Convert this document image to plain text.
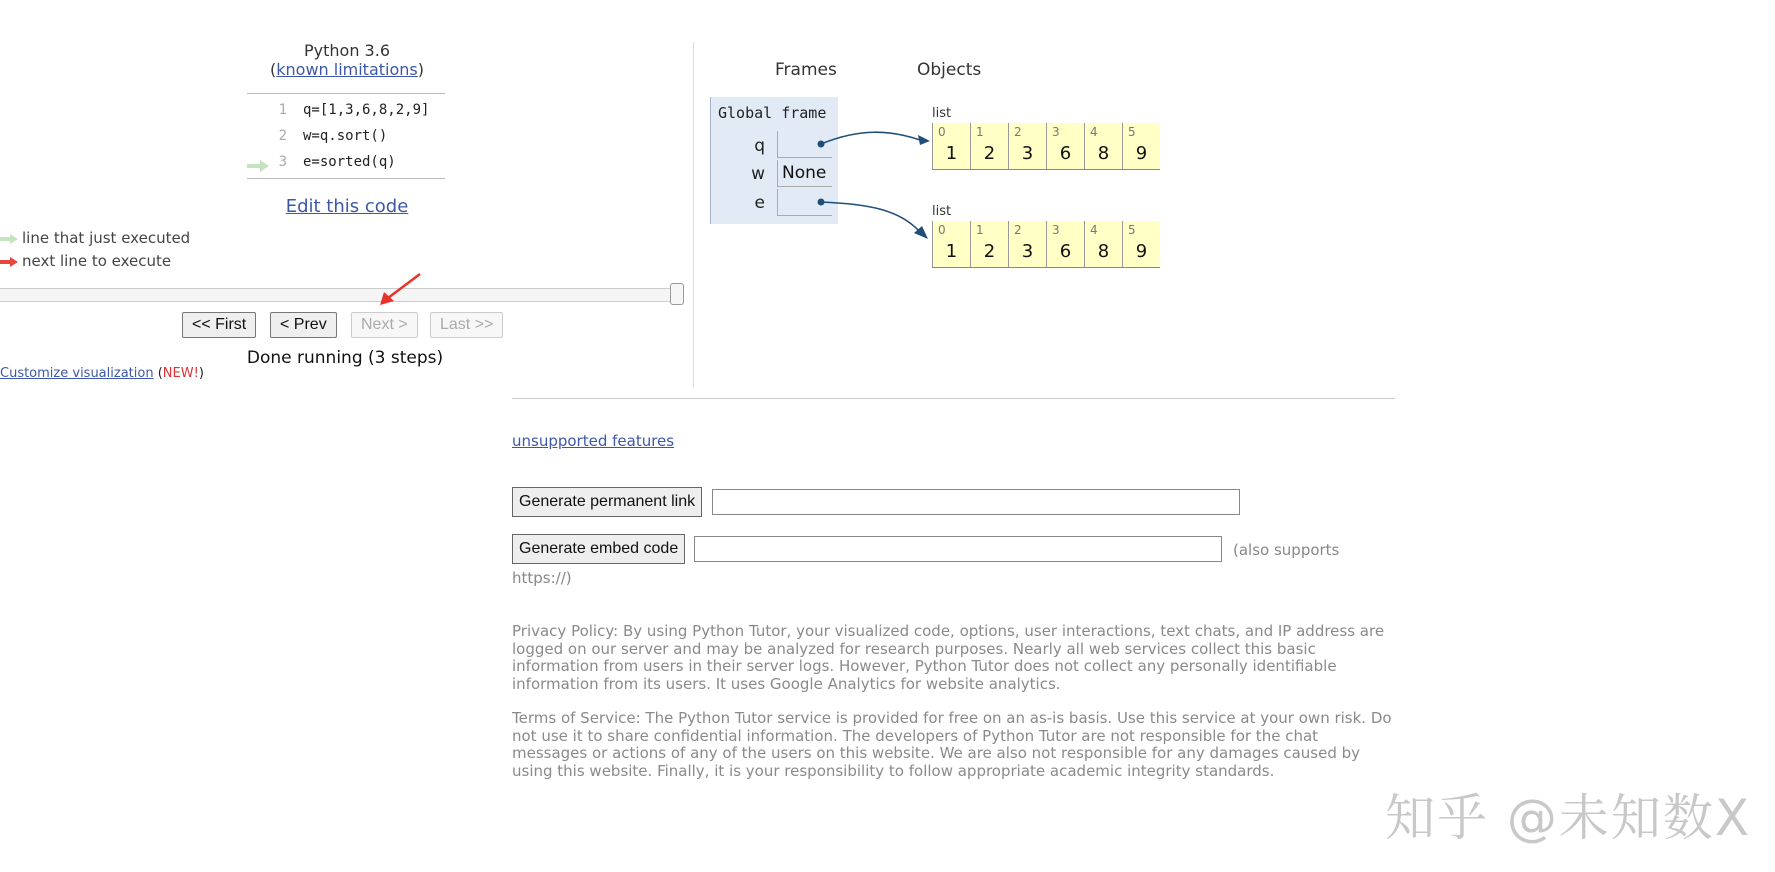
Python 3.6
(known limitations)
1 q=[1,3,6,8,2,9]
2 w=q.sort()
3 e=sorted(q)
Edit this code
line that just executed
next line to execute
<< First	< Prev	Next >	Last >>
Done running (3 steps)
Customize visualization (NEW!)
Frames	Objects
Global frame
q
w None
e
list
0
1
1
2
2
3
3
6
4
8
5
9
list
0
1
1
2
2
3
3
6
4
8
5
9
unsupported features
Generate permanent link
Generate embed code	(also supports
https://)
Privacy Policy: By using Python Tutor, your visualized code, options, user interactions, text chats, and IP address are logged on our server and may be analyzed for research purposes. Nearly all web services collect this basic information from users in their server logs. However, Python Tutor does not collect any personally identifiable information from its users. It uses Google Analytics for website analytics.
Terms of Service: The Python Tutor service is provided for free on an as-is basis. Use this service at your own risk. Do not use it to share confidential information. The developers of Python Tutor are not responsible for the chat messages or actions of any of the users on this website. We are also not responsible for any damages caused by using this website. Finally, it is your responsibility to follow appropriate academic integrity standards.
知乎 @未知数X
